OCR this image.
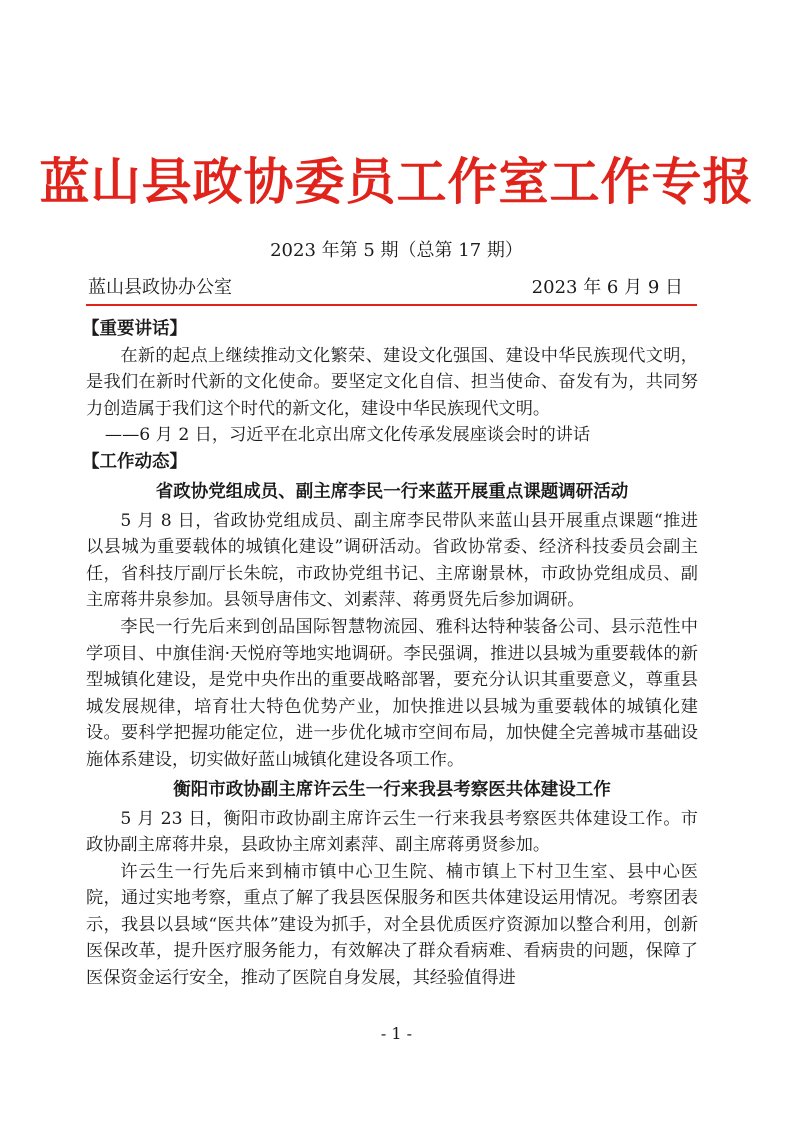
蓝山县政协委员工作室工作专报
2023 年第 5 期（总第 17 期）
蓝山县政协办公室	2023 年 6 月 9 日
【重要讲话】

在新的起点上继续推动文化繁荣、建设文化强国、建设中华民族现代文明，是我们在新时代新的文化使命。要坚定文化自信、担当使命、奋发有为，共同努力创造属于我们这个时代的新文化，建设中华民族现代文明。

——6 月 2 日，习近平在北京出席文化传承发展座谈会时的讲话

【工作动态】
省政协党组成员、副主席李民一行来蓝开展重点课题调研活动

5 月 8 日，省政协党组成员、副主席李民带队来蓝山县开展重点课题“推进以县城为重要载体的城镇化建设”调研活动。省政协常委、经济科技委员会副主任，省科技厅副厅长朱皖，市政协党组书记、主席谢景林，市政协党组成员、副主席蒋井泉参加。县领导唐伟文、刘素萍、蒋勇贤先后参加调研。

李民一行先后来到创品国际智慧物流园、雅科达特种装备公司、县示范性中学项目、中旗佳润·天悦府等地实地调研。李民强调，推进以县城为重要载体的新型城镇化建设，是党中央作出的重要战略部署，要充分认识其重要意义，尊重县城发展规律，培育壮大特色优势产业，加快推进以县城为重要载体的城镇化建设。要科学把握功能定位，进一步优化城市空间布局，加快健全完善城市基础设施体系建设，切实做好蓝山城镇化建设各项工作。

衡阳市政协副主席许云生一行来我县考察医共体建设工作

5 月 23 日，衡阳市政协副主席许云生一行来我县考察医共体建设工作。市政协副主席蒋井泉，县政协主席刘素萍、副主席蒋勇贤参加。

许云生一行先后来到楠市镇中心卫生院、楠市镇上下村卫生室、县中心医院，通过实地考察，重点了解了我县医保服务和医共体建设运用情况。考察团表示，我县以县域“医共体”建设为抓手，对全县优质医疗资源加以整合利用，创新医保改革，提升医疗服务能力，有效解决了群众看病难、看病贵的问题，保障了医保资金运行安全，推动了医院自身发展，其经验值得进

- 1 -
